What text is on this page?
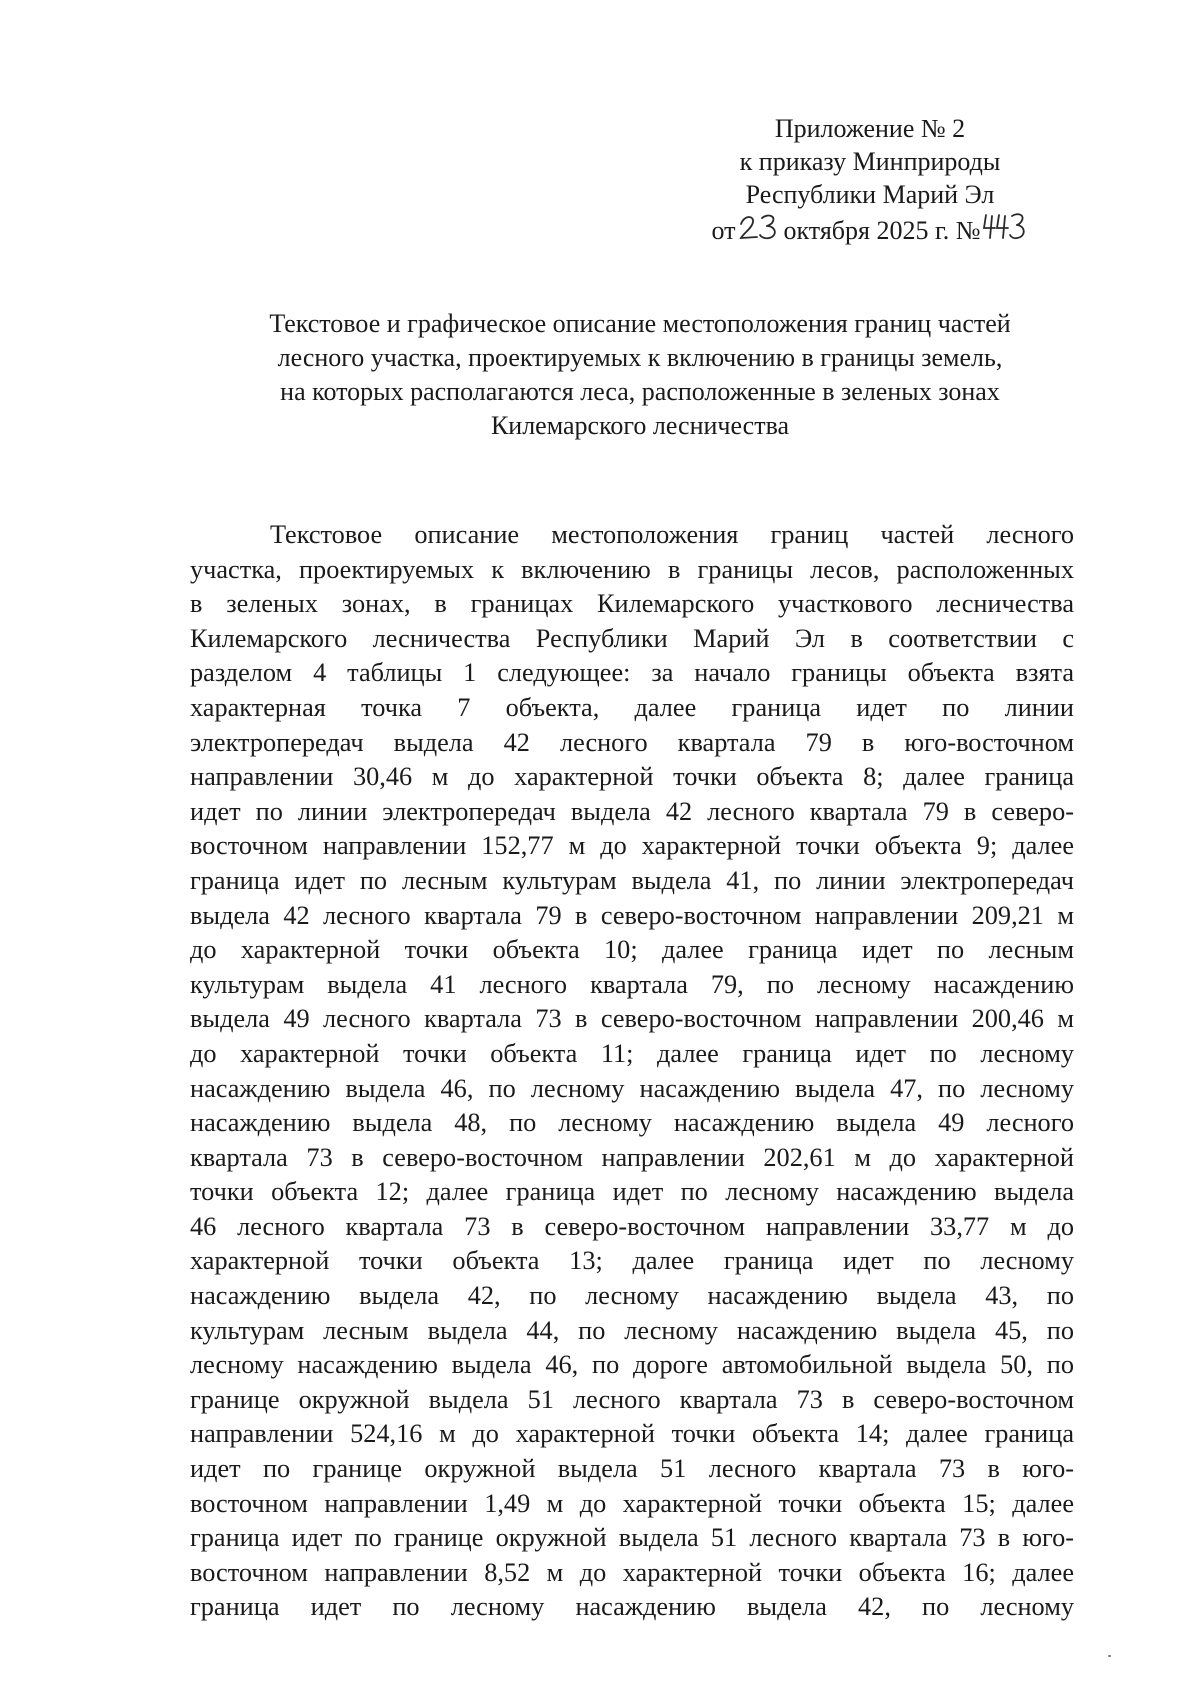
Приложение № 2
к приказу Минприроды
Республики Марий Эл
от октября 2025 г. №
Текстовое и графическое описание местоположения границ частей
лесного участка, проектируемых к включению в границы земель,
на которых располагаются леса, расположенные в зеленых зонах
Килемарского лесничества
Текстовое описание местоположения границ частей лесного
участка, проектируемых к включению в границы лесов, расположенных
в зеленых зонах, в границах Килемарского участкового лесничества
Килемарского лесничества Республики Марий Эл в соответствии с
разделом 4 таблицы 1 следующее: за начало границы объекта взята
характерная точка 7 объекта, далее граница идет по линии
электропередач выдела 42 лесного квартала 79 в юго-восточном
направлении 30,46 м до характерной точки объекта 8; далее граница
идет по линии электропередач выдела 42 лесного квартала 79 в северо-
восточном направлении 152,77 м до характерной точки объекта 9; далее
граница идет по лесным культурам выдела 41, по линии электропередач
выдела 42 лесного квартала 79 в северо-восточном направлении 209,21 м
до характерной точки объекта 10; далее граница идет по лесным
культурам выдела 41 лесного квартала 79, по лесному насаждению
выдела 49 лесного квартала 73 в северо-восточном направлении 200,46 м
до характерной точки объекта 11; далее граница идет по лесному
насаждению выдела 46, по лесному насаждению выдела 47, по лесному
насаждению выдела 48, по лесному насаждению выдела 49 лесного
квартала 73 в северо-восточном направлении 202,61 м до характерной
точки объекта 12; далее граница идет по лесному насаждению выдела
46 лесного квартала 73 в северо-восточном направлении 33,77 м до
характерной точки объекта 13; далее граница идет по лесному
насаждению выдела 42, по лесному насаждению выдела 43, по
культурам лесным выдела 44, по лесному насаждению выдела 45, по
лесному насаждению выдела 46, по дороге автомобильной выдела 50, по
границе окружной выдела 51 лесного квартала 73 в северо-восточном
направлении 524,16 м до характерной точки объекта 14; далее граница
идет по границе окружной выдела 51 лесного квартала 73 в юго-
восточном направлении 1,49 м до характерной точки объекта 15; далее
граница идет по границе окружной выдела 51 лесного квартала 73 в юго-
восточном направлении 8,52 м до характерной точки объекта 16; далее
граница идет по лесному насаждению выдела 42, по лесному
